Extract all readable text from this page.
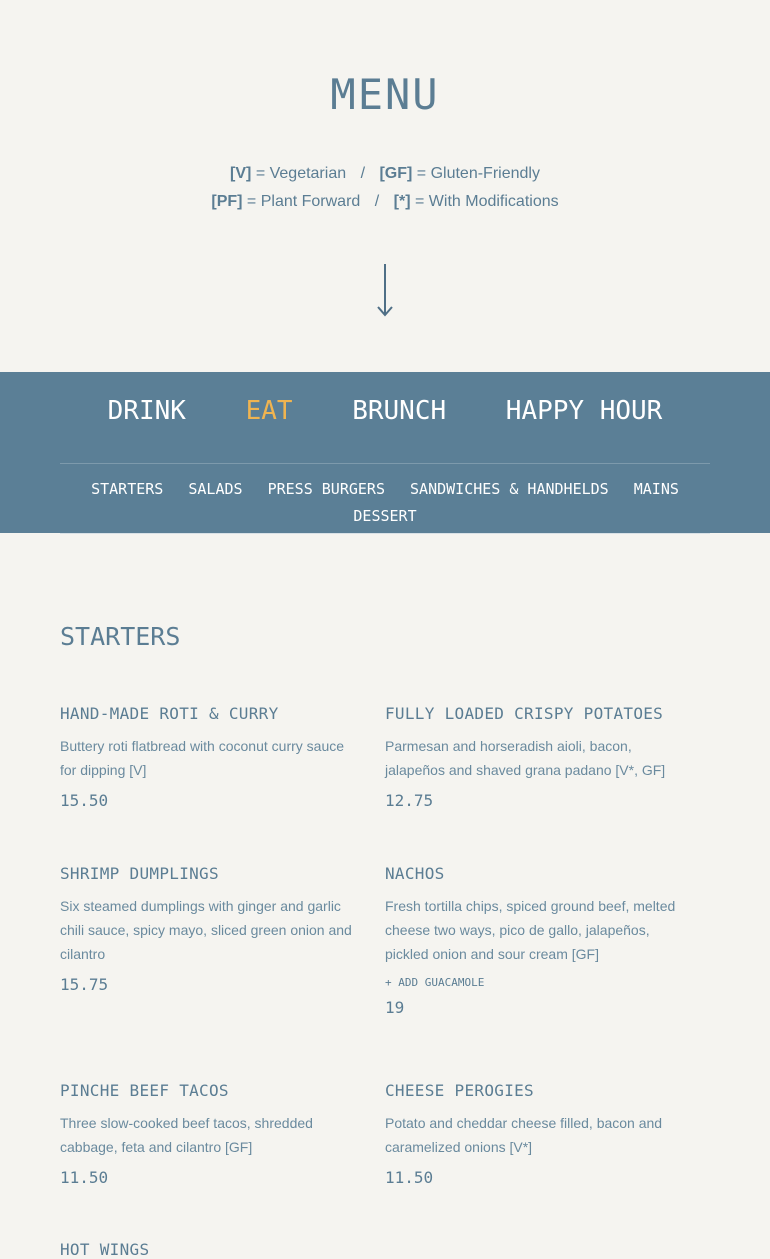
MENU
[V] = Vegetarian / [GF] = Gluten-Friendly
[PF] = Plant Forward / [*] = With Modifications
DRINK EAT BRUNCH HAPPY HOUR
STARTERS SALADS PRESS BURGERS SANDWICHES & HANDHELDS MAINS
DESSERT
STARTERS
HAND-MADE ROTI & CURRY
Buttery roti flatbread with coconut curry sauce for dipping [V]
15.50
FULLY LOADED CRISPY POTATOES
Parmesan and horseradish aioli, bacon, jalapeños and shaved grana padano [V*, GF]
12.75
SHRIMP DUMPLINGS
Six steamed dumplings with ginger and garlic chili sauce, spicy mayo, sliced green onion and cilantro
15.75
NACHOS
Fresh tortilla chips, spiced ground beef, melted cheese two ways, pico de gallo, jalapeños, pickled onion and sour cream [GF]
+ ADD GUACAMOLE
19
PINCHE BEEF TACOS
Three slow-cooked beef tacos, shredded cabbage, feta and cilantro [GF]
11.50
CHEESE PEROGIES
Potato and cheddar cheese filled, bacon and caramelized onions [V*]
11.50
HOT WINGS
